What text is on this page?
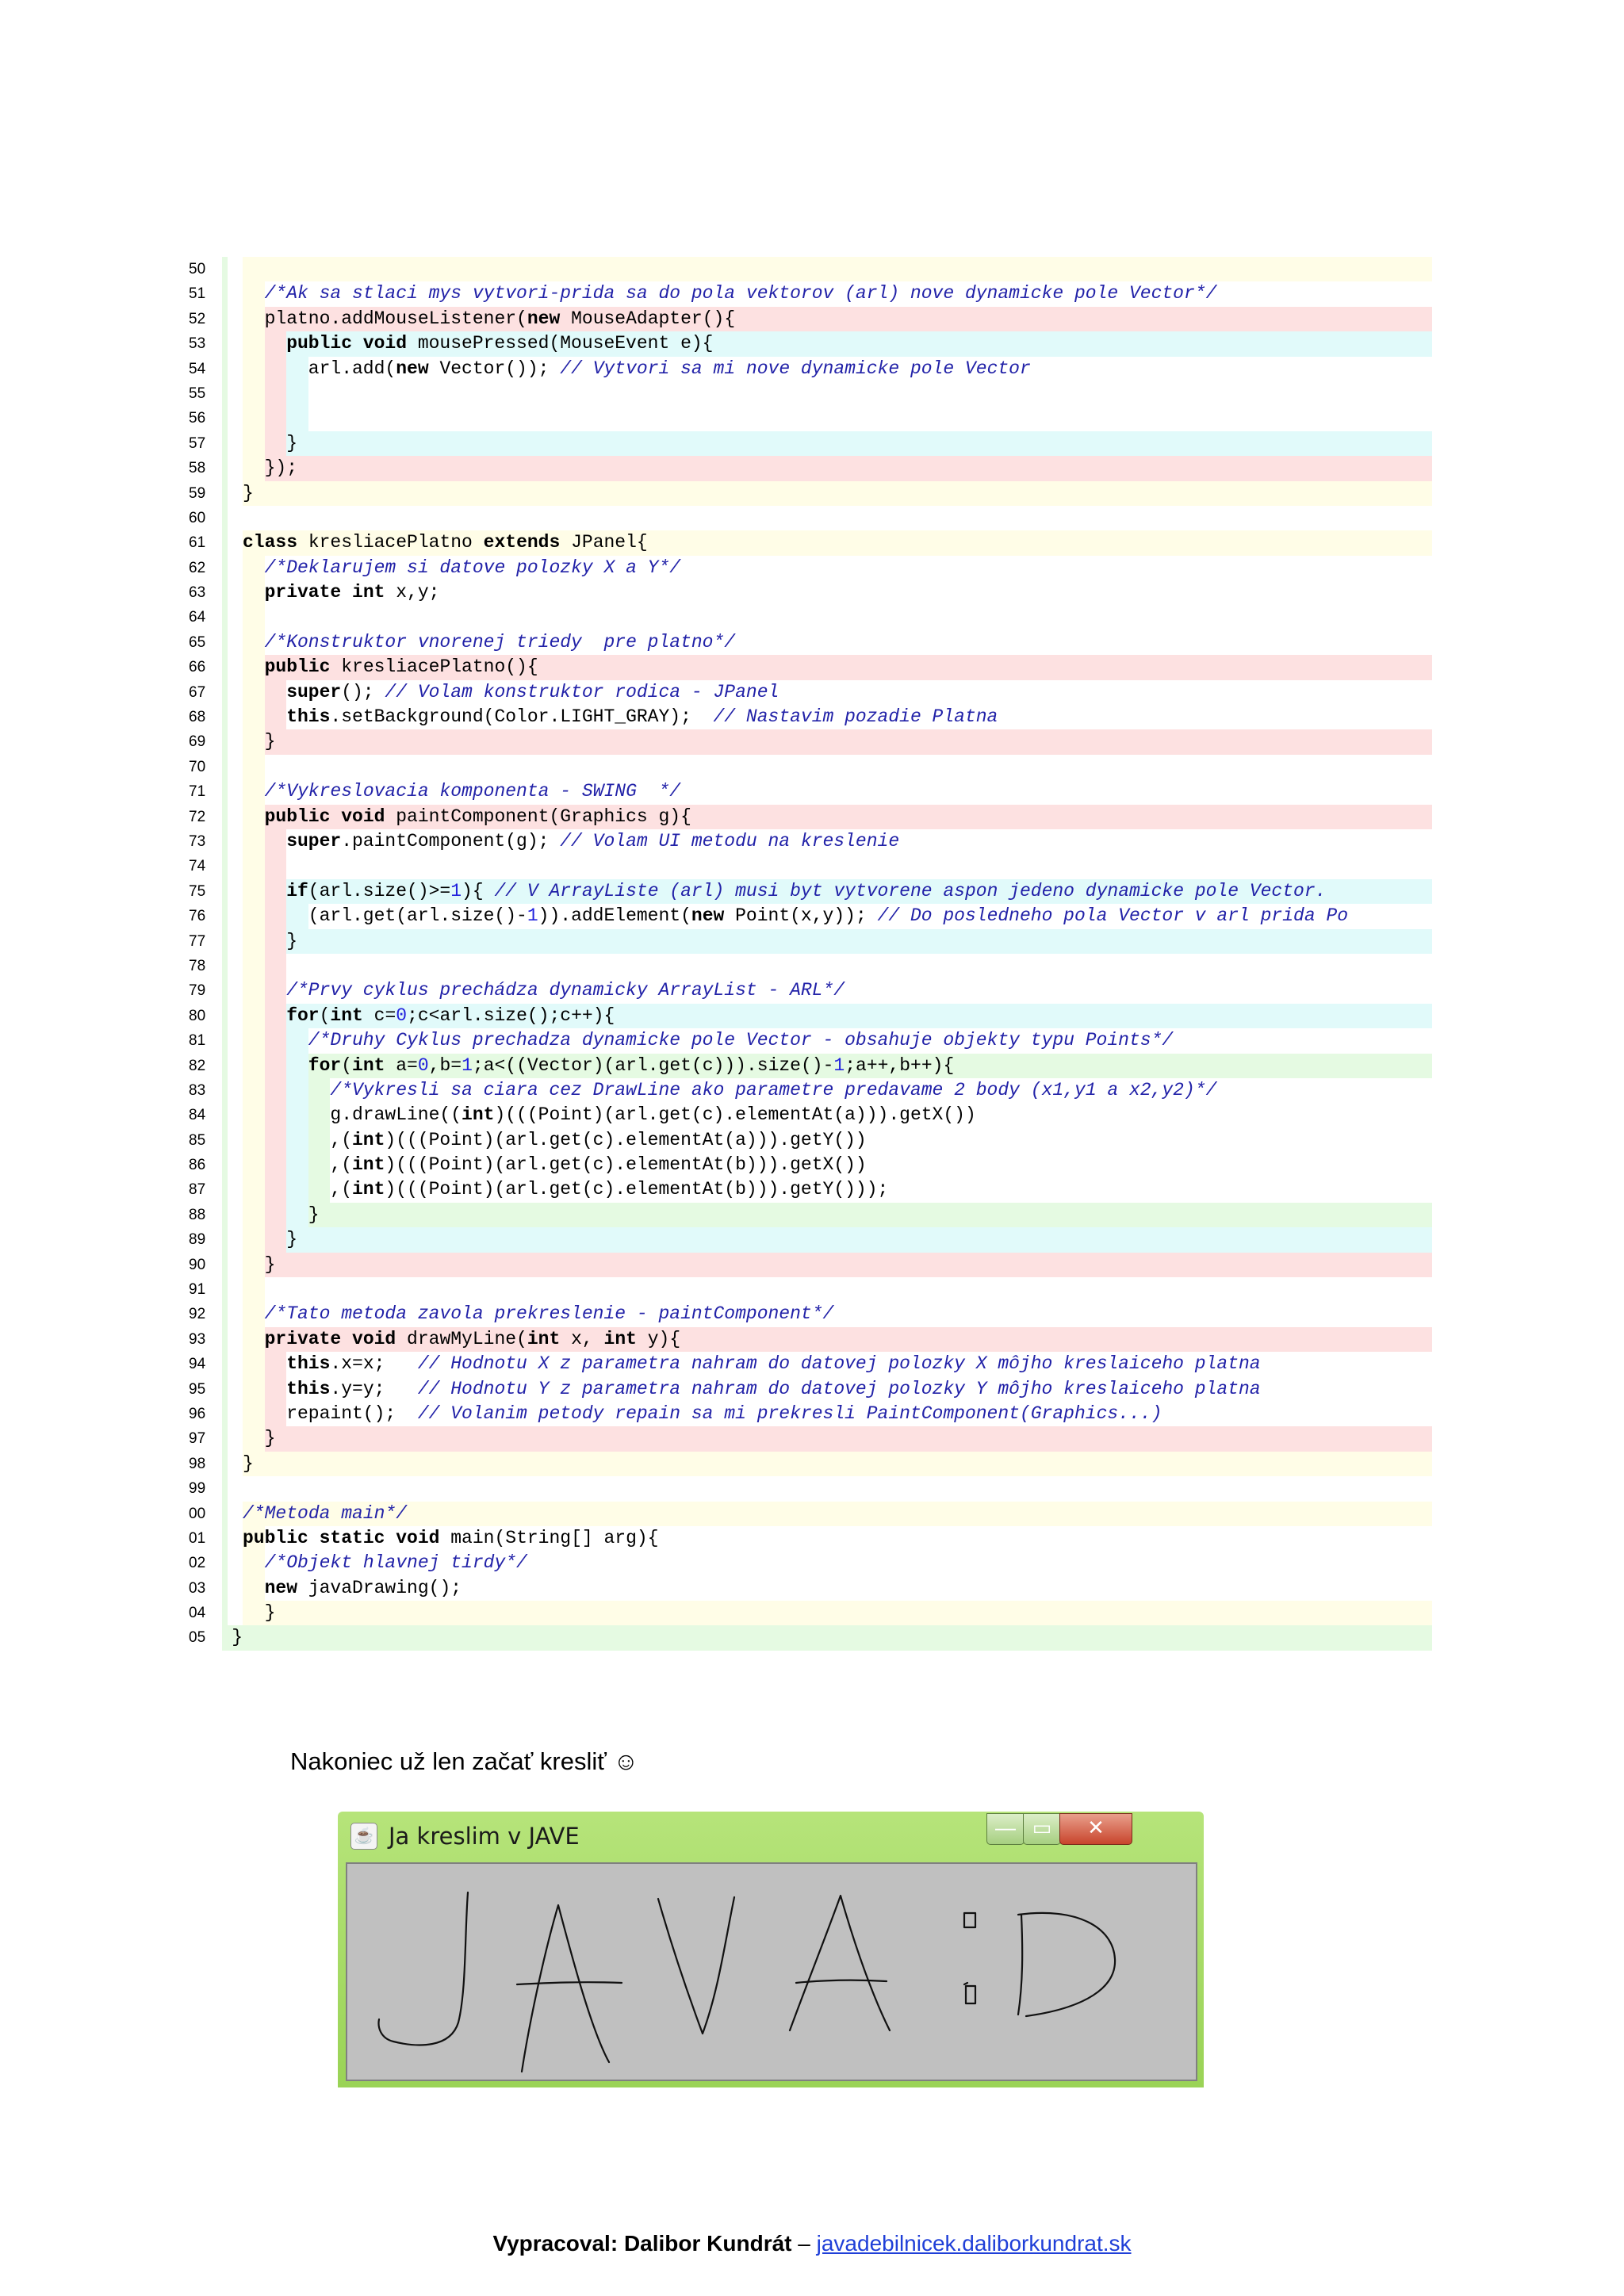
50
51	/*Ak sa stlaci mys vytvori-prida sa do pola vektorov (arl) nove dynamicke pole Vector*/
52	platno.addMouseListener(new MouseAdapter(){
53	public void mousePressed(MouseEvent e){
54	arl.add(new Vector()); // Vytvori sa mi nove dynamicke pole Vector
55
56
57	}
58	});
59	}
60
61	class kresliacePlatno extends JPanel{
62	/*Deklarujem si datove polozky X a Y*/
63	private int x,y;
64
65	/*Konstruktor vnorenej triedy  pre platno*/
66	public kresliacePlatno(){
67	super(); // Volam konstruktor rodica - JPanel
68	this.setBackground(Color.LIGHT_GRAY);  // Nastavim pozadie Platna
69	}
70
71	/*Vykreslovacia komponenta - SWING  */
72	public void paintComponent(Graphics g){
73	super.paintComponent(g); // Volam UI metodu na kreslenie
74
75	if(arl.size()>=1){ // V ArrayListe (arl) musi byt vytvorene aspon jedeno dynamicke pole Vector.
76	(arl.get(arl.size()-1)).addElement(new Point(x,y)); // Do posledneho pola Vector v arl prida Po
77	}
78
79	/*Prvy cyklus prechádza dynamicky ArrayList - ARL*/
80	for(int c=0;c<arl.size();c++){
81	/*Druhy Cyklus prechadza dynamicke pole Vector - obsahuje objekty typu Points*/
82	for(int a=0,b=1;a<((Vector)(arl.get(c))).size()-1;a++,b++){
83	/*Vykresli sa ciara cez DrawLine ako parametre predavame 2 body (x1,y1 a x2,y2)*/
84	g.drawLine((int)(((Point)(arl.get(c).elementAt(a))).getX())
85	,(int)(((Point)(arl.get(c).elementAt(a))).getY())
86	,(int)(((Point)(arl.get(c).elementAt(b))).getX())
87	,(int)(((Point)(arl.get(c).elementAt(b))).getY()));
88	}
89	}
90	}
91
92	/*Tato metoda zavola prekreslenie - paintComponent*/
93	private void drawMyLine(int x, int y){
94	this.x=x;   // Hodnotu X z parametra nahram do datovej polozky X môjho kreslaiceho platna
95	this.y=y;   // Hodnotu Y z parametra nahram do datovej polozky Y môjho kreslaiceho platna
96	repaint();  // Volanim petody repain sa mi prekresli PaintComponent(Graphics...)
97	}
98	}
99
00	/*Metoda main*/
01	public static void main(String[] arg){
02	/*Objekt hlavnej tirdy*/
03	new javaDrawing();
04	}
05	}
Nakoniec už len začať kresliť ☺
☕ Ja kreslim v JAVE	— ▭	✕
Vypracoval: Dalibor Kundrát – javadebilnicek.daliborkundrat.sk
